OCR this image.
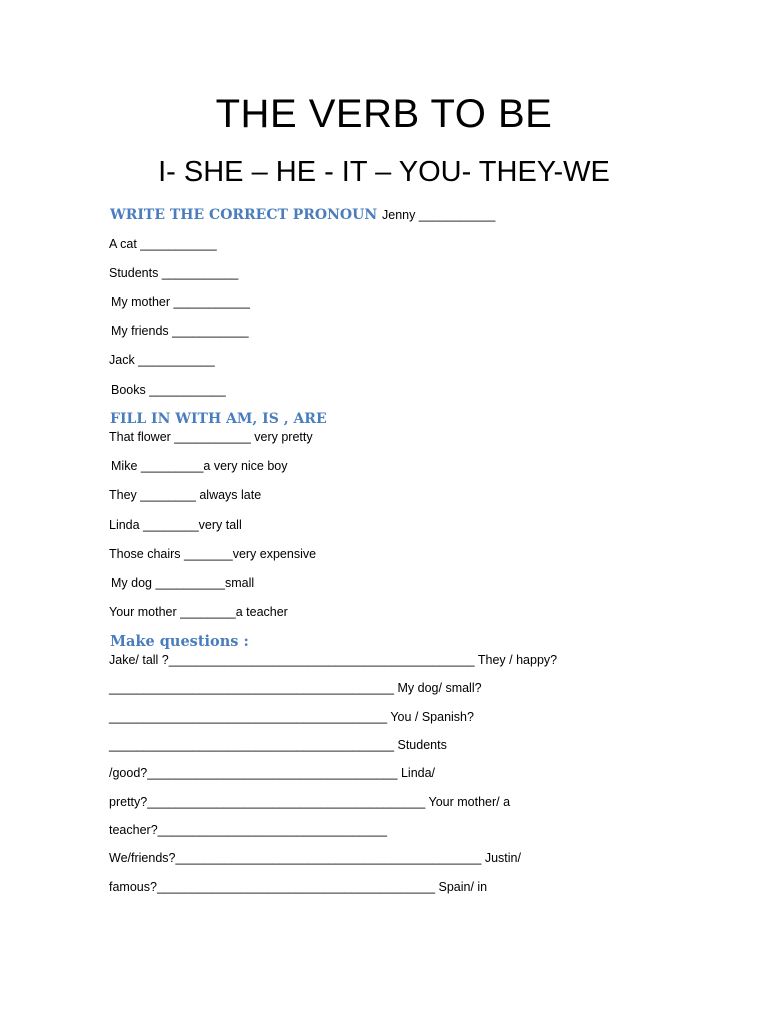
THE VERB TO BE
I- SHE – HE - IT – YOU- THEY-WE
WRITE THE CORRECT PRONOUN Jenny ___________
A cat ___________
Students ___________
My mother ___________
My friends ___________
Jack ___________
Books ___________
FILL IN WITH AM, IS , ARE
That flower ___________ very pretty
Mike _________a very nice boy
They ________ always late
Linda ________very tall
Those chairs _______very expensive
My dog __________small
Your mother ________a teacher
Make questions :
Jake/ tall ?____________________________________________ They / happy?
_________________________________________ My dog/ small?
________________________________________ You / Spanish?
_________________________________________ Students
/good?____________________________________ Linda/
pretty?________________________________________ Your mother/ a
teacher?_________________________________
We/friends?____________________________________________ Justin/
famous?________________________________________ Spain/ in
